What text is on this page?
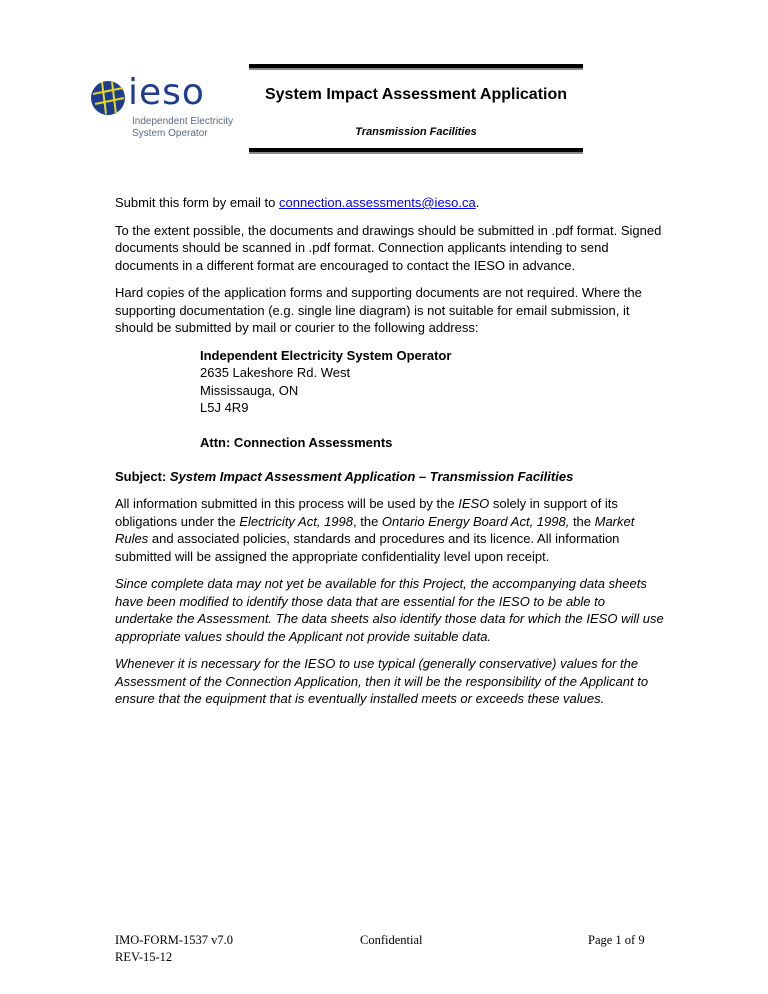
ieso
Independent Electricity
System Operator
System Impact Assessment Application
Transmission Facilities

Submit this form by email to connection.assessments@ieso.ca.

To the extent possible, the documents and drawings should be submitted in .pdf format. Signed documents should be scanned in .pdf format. Connection applicants intending to send documents in a different format are encouraged to contact the IESO in advance.

Hard copies of the application forms and supporting documents are not required. Where the supporting documentation (e.g. single line diagram) is not suitable for email submission, it should be submitted by mail or courier to the following address:

Independent Electricity System Operator
2635 Lakeshore Rd. West
Mississauga, ON
L5J 4R9

Attn: Connection Assessments

Subject: System Impact Assessment Application – Transmission Facilities

All information submitted in this process will be used by the IESO solely in support of its obligations under the Electricity Act, 1998, the Ontario Energy Board Act, 1998, the Market Rules and associated policies, standards and procedures and its licence. All information submitted will be assigned the appropriate confidentiality level upon receipt.

Since complete data may not yet be available for this Project, the accompanying data sheets have been modified to identify those data that are essential for the IESO to be able to undertake the Assessment. The data sheets also identify those data for which the IESO will use appropriate values should the Applicant not provide suitable data.

Whenever it is necessary for the IESO to use typical (generally conservative) values for the Assessment of the Connection Application, then it will be the responsibility of the Applicant to ensure that the equipment that is eventually installed meets or exceeds these values.

IMO-FORM-1537 v7.0
REV-15-12
Confidential	Page 1 of 9
